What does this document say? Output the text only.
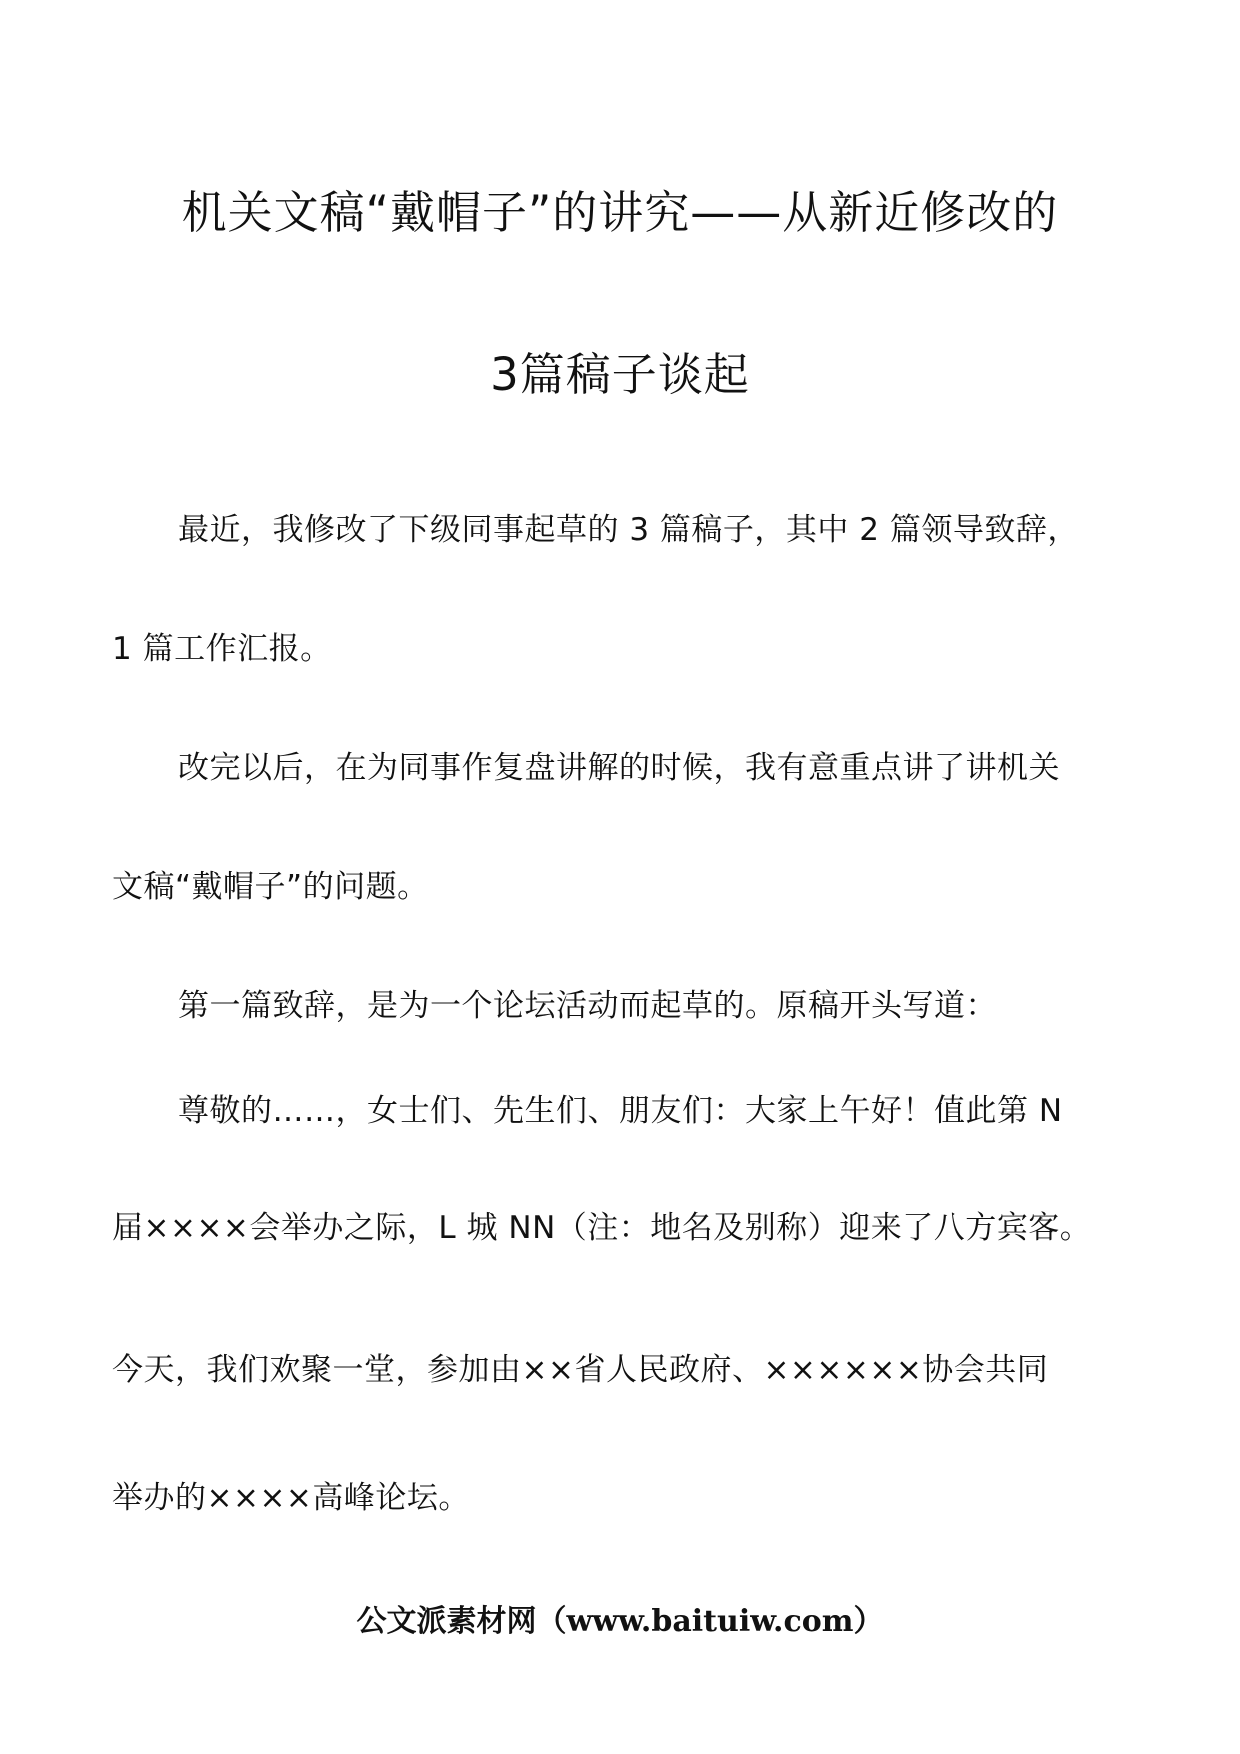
机关文稿“戴帽子”的讲究——从新近修改的
3篇稿子谈起
最近，我修改了下级同事起草的 3 篇稿子，其中 2 篇领导致辞，
1 篇工作汇报。
改完以后，在为同事作复盘讲解的时候，我有意重点讲了讲机关
文稿“戴帽子”的问题。
第一篇致辞，是为一个论坛活动而起草的。原稿开头写道：
尊敬的……，女士们、先生们、朋友们：大家上午好！值此第 N
届××××会举办之际，L 城 NN（注：地名及别称）迎来了八方宾客。
今天，我们欢聚一堂，参加由××省人民政府、××××××协会共同
举办的××××高峰论坛。
公文派素材网（www.baituiw.com）
